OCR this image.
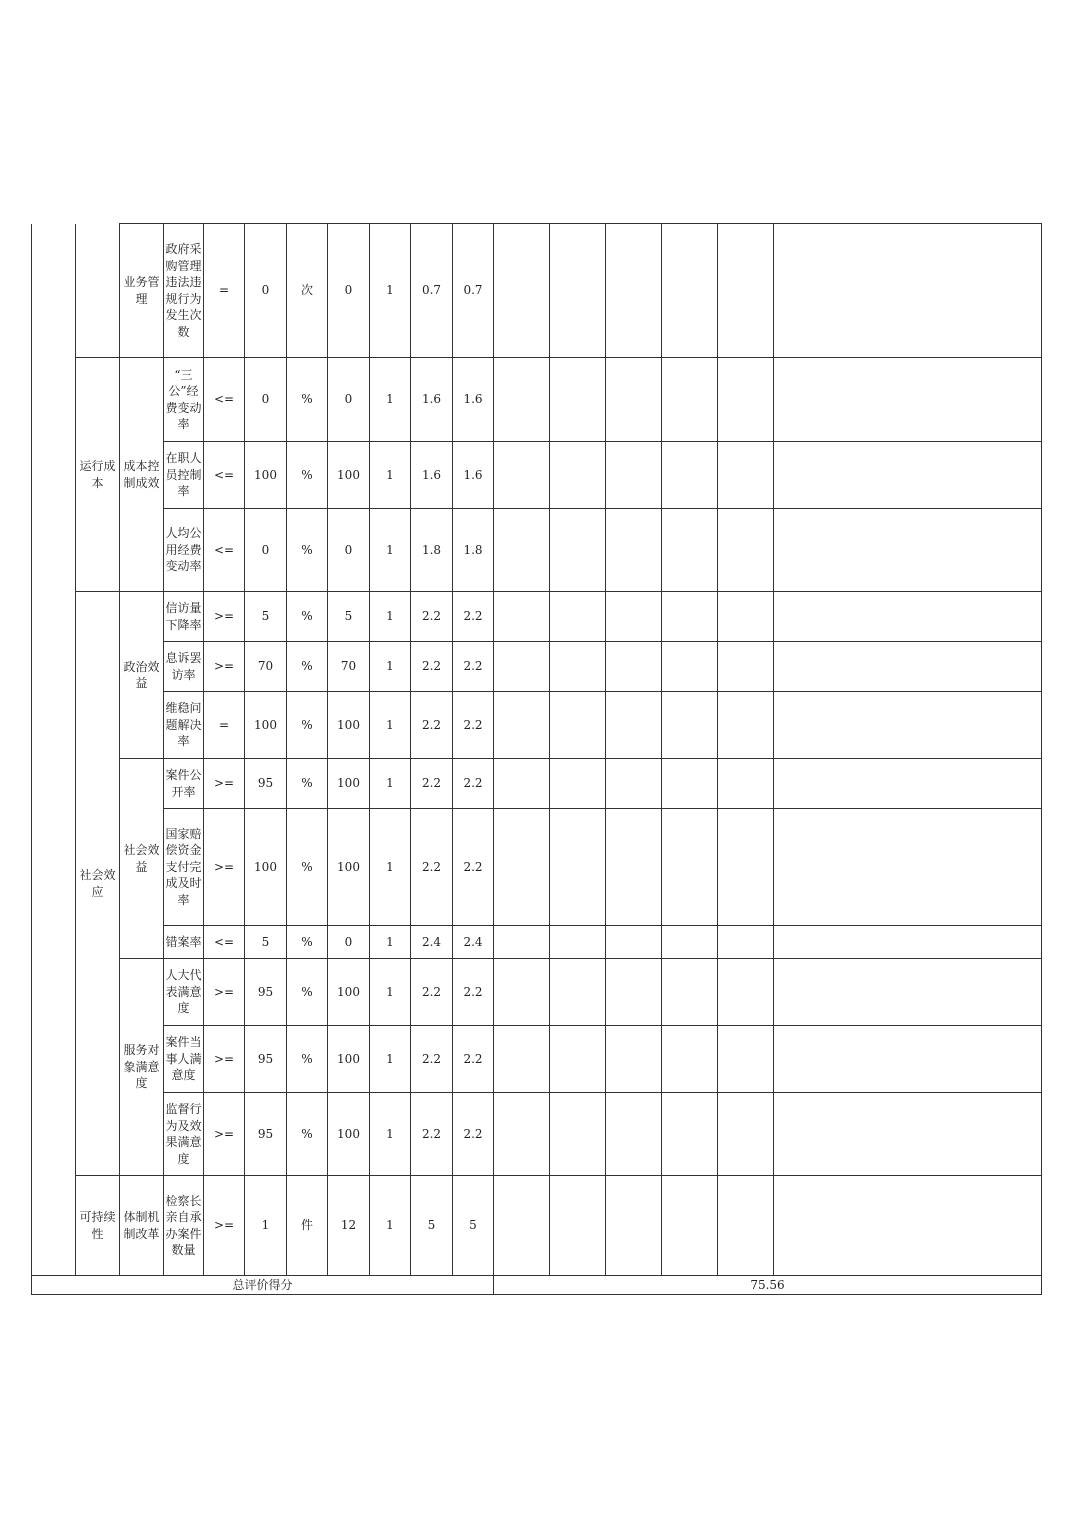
		业务管理	政府采购管理违法违规行为发生次数	=	0	次	0	1	0.7	0.7						
	运行成本	成本控制成效	“三公”经费变动率	<=	0	%	0	1	1.6	1.6						
			在职人员控制率	<=	100	%	100	1	1.6	1.6						
			人均公用经费变动率	<=	0	%	0	1	1.8	1.8						
	社会效应	政治效益	信访量下降率	>=	5	%	5	1	2.2	2.2						
			息诉罢访率	>=	70	%	70	1	2.2	2.2						
			维稳问题解决率	=	100	%	100	1	2.2	2.2						
		社会效益	案件公开率	>=	95	%	100	1	2.2	2.2						
			国家赔偿资金支付完成及时率	>=	100	%	100	1	2.2	2.2						
			错案率	<=	5	%	0	1	2.4	2.4						
		服务对象满意度	人大代表满意度	>=	95	%	100	1	2.2	2.2						
			案件当事人满意度	>=	95	%	100	1	2.2	2.2						
			监督行为及效果满意度	>=	95	%	100	1	2.2	2.2						
	可持续性	体制机制改革	检察长亲自承办案件数量	>=	1	件	12	1	5	5						
总评价得分											75.56					
